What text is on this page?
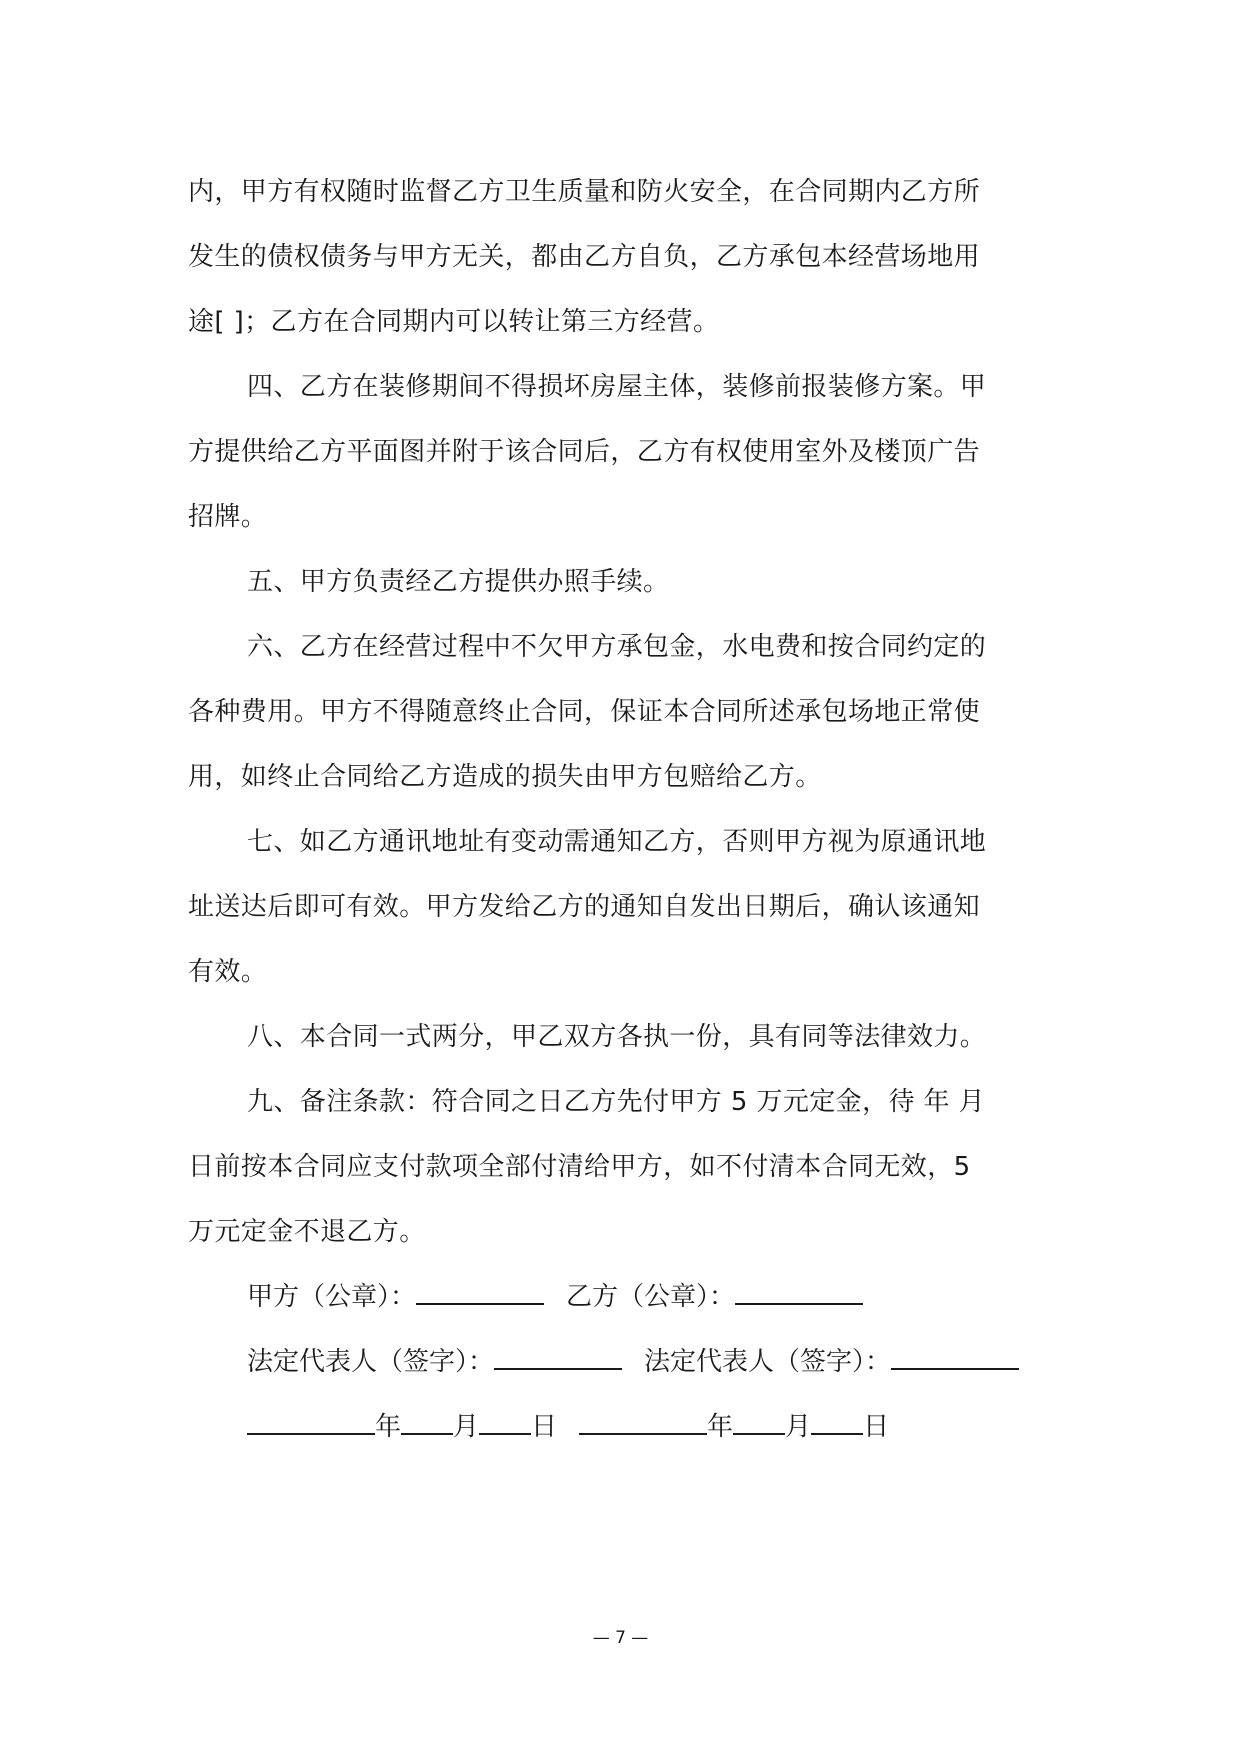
内，甲方有权随时监督乙方卫生质量和防火安全，在合同期内乙方所
发生的债权债务与甲方无关，都由乙方自负，乙方承包本经营场地用
途[ ]；乙方在合同期内可以转让第三方经营。

四、乙方在装修期间不得损坏房屋主体，装修前报装修方案。甲
方提供给乙方平面图并附于该合同后，乙方有权使用室外及楼顶广告
招牌。

五、甲方负责经乙方提供办照手续。

六、乙方在经营过程中不欠甲方承包金，水电费和按合同约定的
各种费用。甲方不得随意终止合同，保证本合同所述承包场地正常使
用，如终止合同给乙方造成的损失由甲方包赔给乙方。

七、如乙方通讯地址有变动需通知乙方，否则甲方视为原通讯地
址送达后即可有效。甲方发给乙方的通知自发出日期后，确认该通知
有效。

八、本合同一式两分，甲乙双方各执一份，具有同等法律效力。

九、备注条款：符合同之日乙方先付甲方 5 万元定金，待 年 月
日前按本合同应支付款项全部付清给甲方，如不付清本合同无效，5
万元定金不退乙方。

甲方（公章）：	乙方（公章）：
法定代表人（签字）：	法定代表人（签字）：
年 月 日	年 月 日
— 7 —
